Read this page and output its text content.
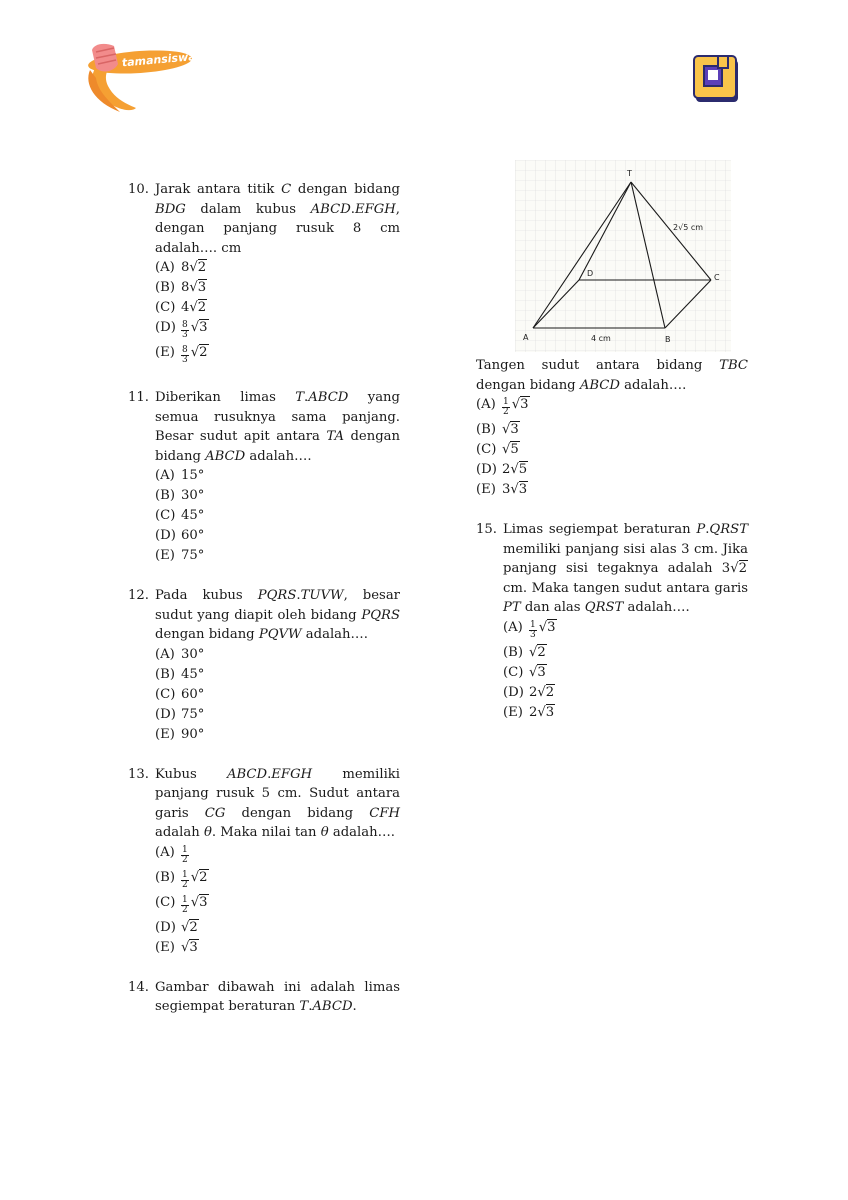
tamansiswa
10. Jarak antara titik C dengan bidang BDG dalam kubus ABCD.EFGH, dengan panjang rusuk 8 cm adalah…. cm
(A) 8√2
(B) 8√3
(C) 4√2
$(D) \frac{8}{3} √3$
$(E) \frac{8}{3} √2$
11. Diberikan limas T.ABCD yang semua rusuknya sama panjang. Besar sudut apit antara TA dengan bidang ABCD adalah….
(A) 15°
(B) 30°
(C) 45°
(D) 60°
(E) 75°
12. Pada kubus PQRS.TUVW, besar sudut yang diapit oleh bidang PQRS dengan bidang PQVW adalah….
(A) 30°
(B) 45°
(C) 60°
(D) 75°
(E) 90°
13. Kubus ABCD.EFGH memiliki panjang rusuk 5 cm. Sudut antara garis CG dengan bidang CFH adalah θ. Maka nilai tan θ adalah….
$(A) \frac{1}{2}$
$(B) \frac{1}{2} √2$
$(C) \frac{1}{2} √3$
(D) √2
(E) √3
14. Gambar dibawah ini adalah limas segiempat beraturan T.ABCD.
T
A	B
C
D
2√5 cm
4 cm
Tangen sudut antara bidang TBC dengan bidang ABCD adalah….
$(A) \frac{1}{2} √3$
(B) √3
(C) √5
(D) 2√5
(E) 3√3
15. Limas segiempat beraturan P.QRST memiliki panjang sisi alas 3 cm. Jika panjang sisi tegaknya adalah 3√2 cm. Maka tangen sudut antara garis PT dan alas QRST adalah….
$(A) \frac{1}{3} √3$
(B) √2
(C) √3
(D) 2√2
(E) 2√3
